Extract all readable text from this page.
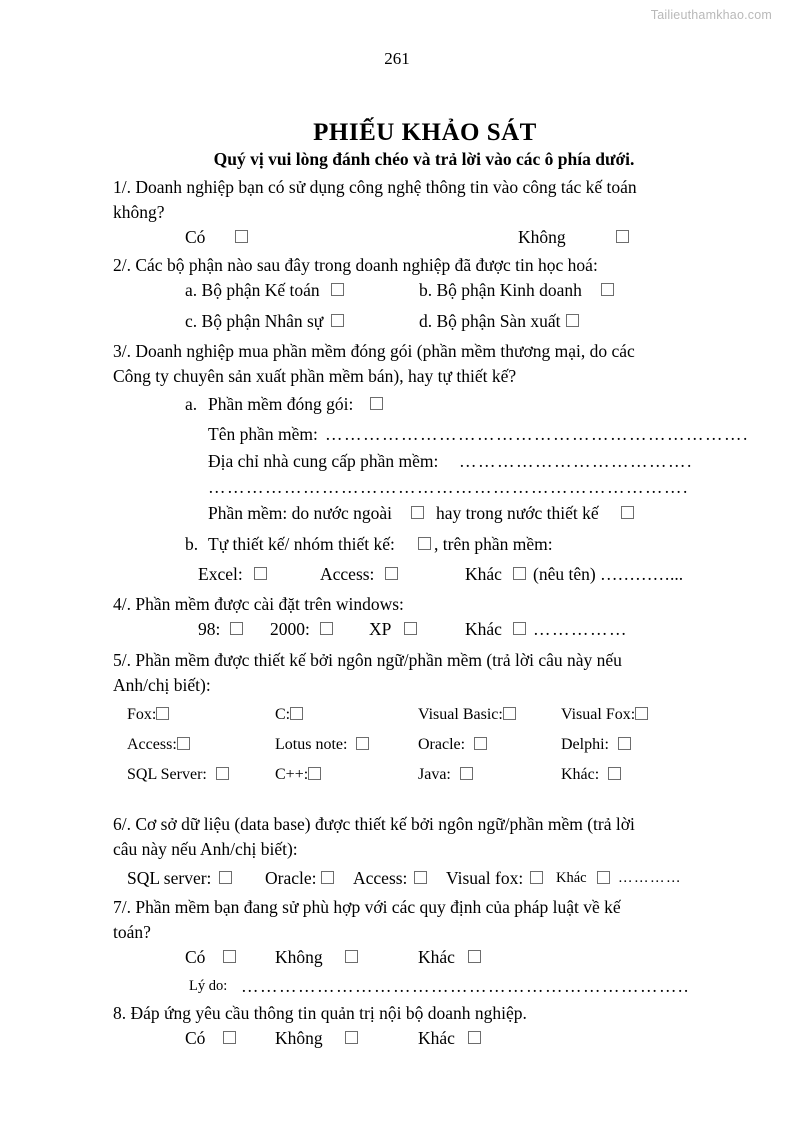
Tailieuthamkhao.com
261
PHIẾU KHẢO SÁT
Quý vị vui lòng đánh chéo và trả lời vào các ô phía dưới.
1/. Doanh nghiệp bạn có sử dụng công nghệ thông tin vào công tác kế toán
không?
Có	Không
2/. Các bộ phận nào sau đây trong doanh nghiệp đã được tin học hoá:
a. Bộ phận Kế toán	b. Bộ phận Kinh doanh
c. Bộ phận Nhân sự	d. Bộ phận Sàn xuất
3/. Doanh nghiệp mua phần mềm đóng gói (phần mềm thương mại, do các
Công ty chuyên sản xuất phần mềm bán), hay tự thiết kế?
a. Phần mềm đóng gói:
Tên phần mềm: ………………………………………………………….
Địa chỉ nhà cung cấp phần mềm: ……………………………….
………………………………………………………………….
Phần mềm: do nước ngoài	hay trong nước thiết kế
b. Tự thiết kế/ nhóm thiết kế: , trên phần mềm:
Excel:	Access:	Khác (nêu tên) …………...
4/. Phần mềm được cài đặt trên windows:
98:	2000:	XP	Khác ……………
5/. Phần mềm được thiết kế bởi ngôn ngữ/phần mềm (trả lời câu này nếu
Anh/chị biết):
Fox:	C:	Visual Basic:	Visual Fox:
Access:	Lotus note:	Oracle:	Delphi:
SQL Server:	C++:	Java:	Khác:
6/. Cơ sở dữ liệu (data base) được thiết kế bởi ngôn ngữ/phần mềm (trả lời
câu này nếu Anh/chị biết):
SQL server:	Oracle: Access: Visual fox: Khác …………
7/. Phần mềm bạn đang sử phù hợp với các quy định của pháp luật về kế
toán?
Có	Không	Khác
Lý do: ……………………………………………………………..
8. Đáp ứng yêu cầu thông tin quản trị nội bộ doanh nghiệp.
Có	Không	Khác
